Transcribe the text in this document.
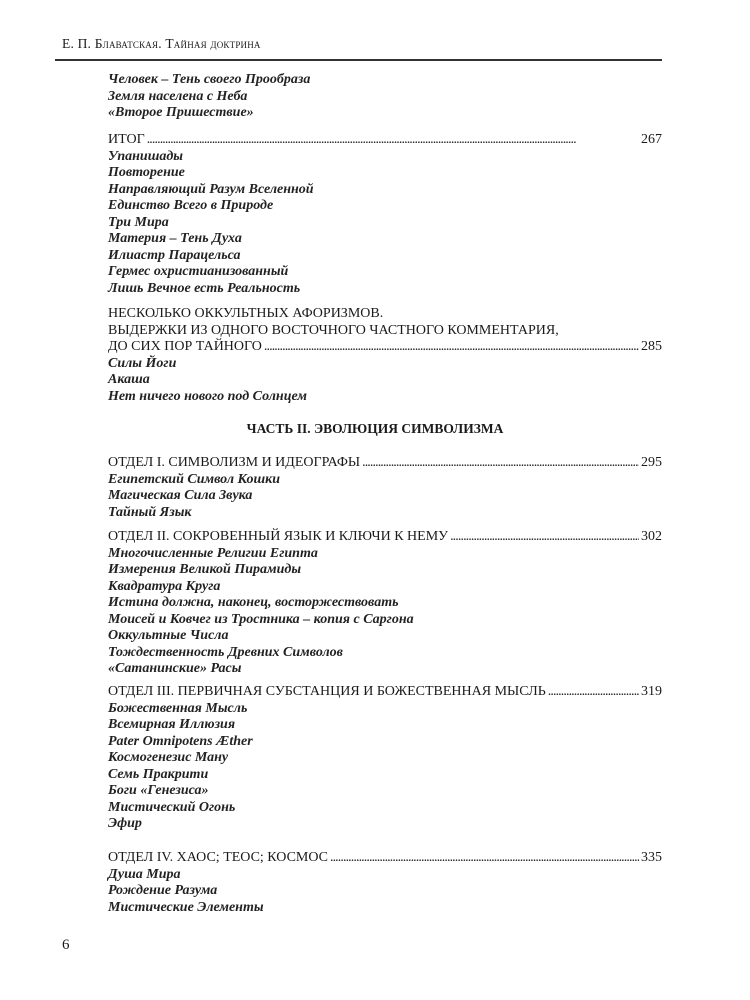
Е. П. Блаватская. Тайная доктрина
Человек – Тень своего Прообраза
Земля населена с Неба
«Второе Пришествие»
ИТОГ . . .	267
Упанишады
Повторение
Направляющий Разум Вселенной
Единство Всего в Природе
Три Мира
Материя – Тень Духа
Илиастр Парацельса
Гермес охристианизованный
Лишь Вечное есть Реальность
НЕСКОЛЬКО ОККУЛЬТНЫХ АФОРИЗМОВ.
ВЫДЕРЖКИ ИЗ ОДНОГО ВОСТОЧНОГО ЧАСТНОГО КОММЕНТАРИЯ,
ДО СИХ ПОР ТАЙНОГО . . .	285
Силы Йоги
Акаша
Нет ничего нового под Солнцем
ЧАСТЬ II. ЭВОЛЮЦИЯ СИМВОЛИЗМА
ОТДЕЛ I. СИМВОЛИЗМ И ИДЕОГРАФЫ . . .	295
Египетский Символ Кошки
Магическая Сила Звука
Тайный Язык
ОТДЕЛ II. СОКРОВЕННЫЙ ЯЗЫК И КЛЮЧИ К НЕМУ . . .	302
Многочисленные Религии Египта
Измерения Великой Пирамиды
Квадратура Круга
Истина должна, наконец, восторжествовать
Моисей и Ковчег из Тростника – копия с Саргона
Оккультные Числа
Тождественность Древних Символов
«Сатанинские» Расы
ОТДЕЛ III. ПЕРВИЧНАЯ СУБСТАНЦИЯ И БОЖЕСТВЕННАЯ МЫСЛЬ . . .	319
Божественная Мысль
Всемирная Иллюзия
Pater Omnipotens Æther
Космогенезис Ману
Семь Пракрити
Боги «Генезиса»
Мистический Огонь
Эфир
ОТДЕЛ IV. ХАОС; ТЕОС; КОСМОС . . .	335
Душа Мира
Рождение Разума
Мистические Элементы
6
